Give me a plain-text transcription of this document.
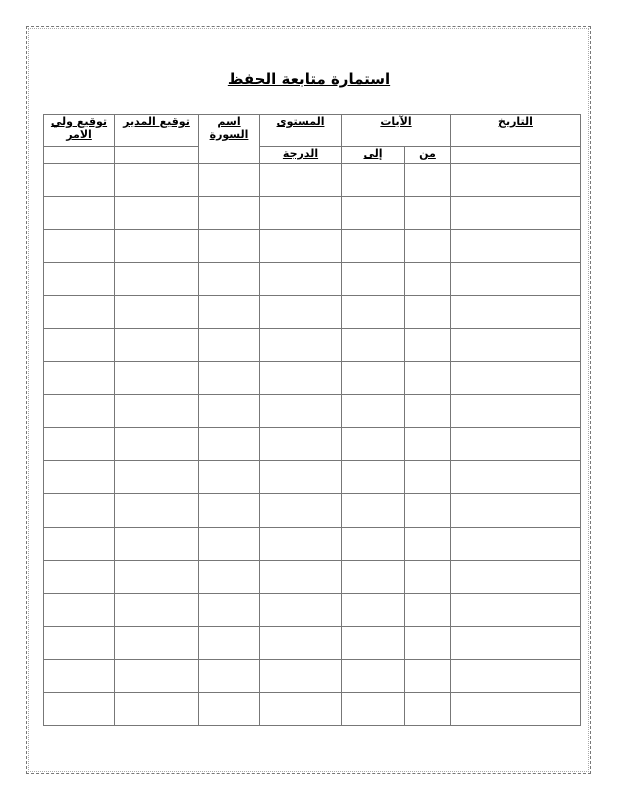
استمارة متابعة الحفظ
التاريخ	الآيات		المستوى	اسم السورة	توقيع المدير	توقيع ولي الامر
	من	إلى	الدرجة			
